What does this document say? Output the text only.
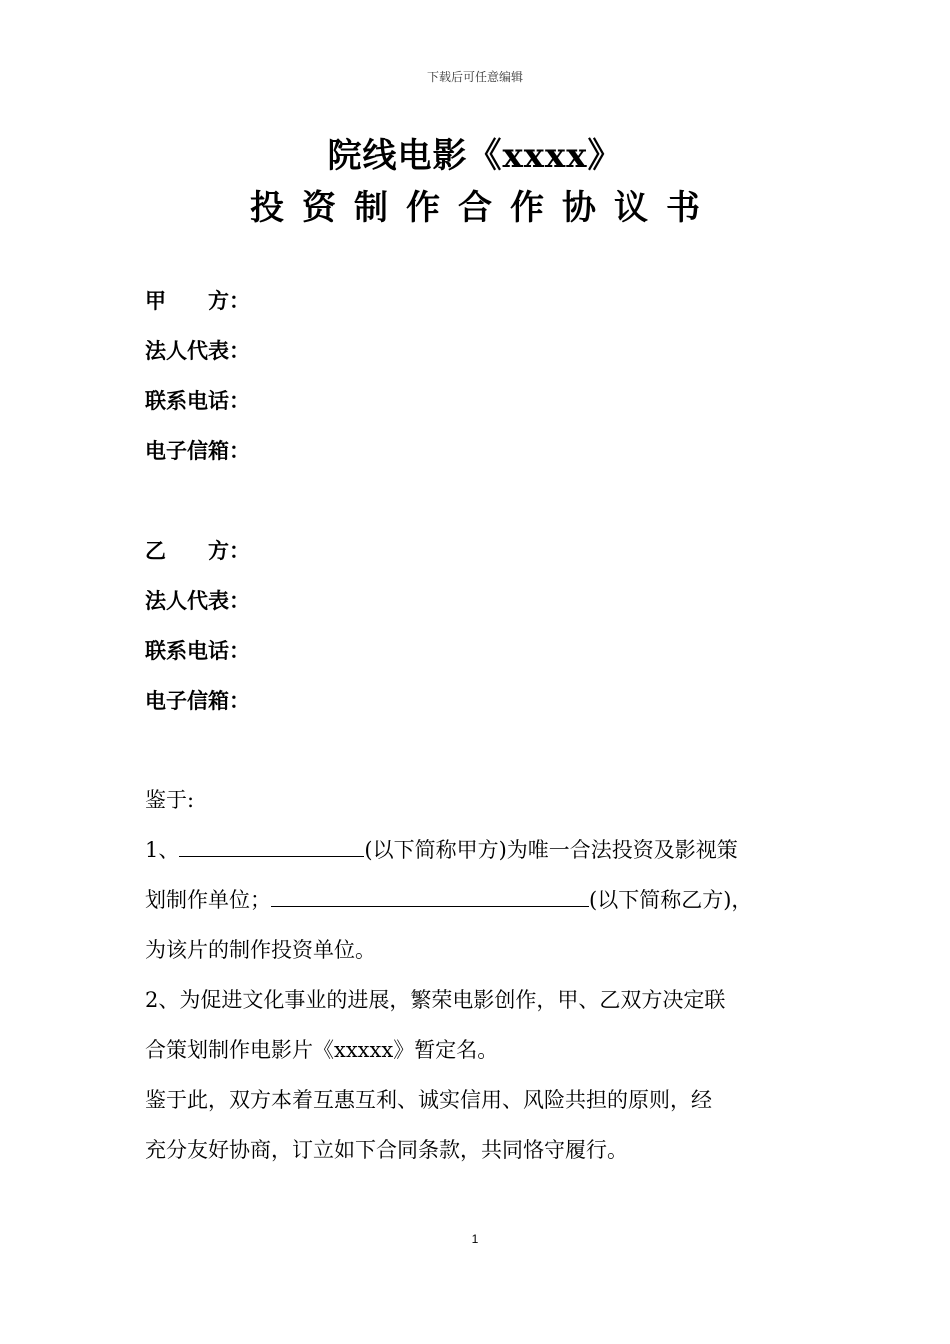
下载后可任意编辑
院线电影《xxxx》
投资制作合作协议书
甲　　方：
法人代表：
联系电话：
电子信箱：
乙　　方：
法人代表：
联系电话：
电子信箱：

鉴于:

1、	(以下简称甲方)为唯一合法投资及影视策

划制作单位；	(以下简称乙方)，

为该片的制作投资单位。

2、为促进文化事业的进展，繁荣电影创作，甲、乙双方决定联

合策划制作电影片《xxxxx》暂定名。

鉴于此，双方本着互惠互利、诚实信用、风险共担的原则，经

充分友好协商，订立如下合同条款，共同恪守履行。

1
